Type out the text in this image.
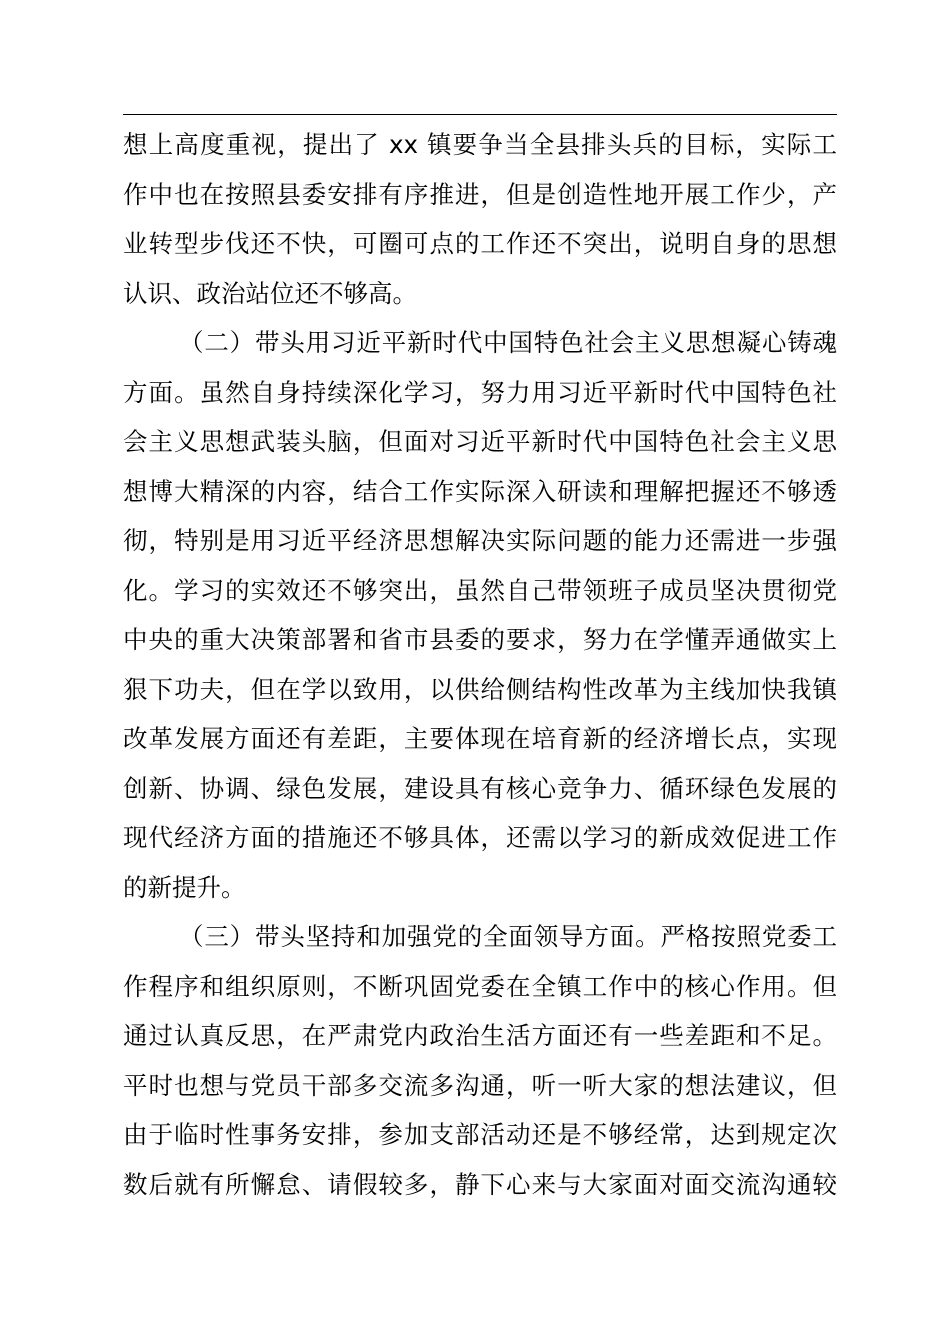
想上高度重视，提出了 xx 镇要争当全县排头兵的目标，实际工
作中也在按照县委安排有序推进，但是创造性地开展工作少，产
业转型步伐还不快，可圈可点的工作还不突出，说明自身的思想
认识、政治站位还不够高。
（二）带头用习近平新时代中国特色社会主义思想凝心铸魂
方面。虽然自身持续深化学习，努力用习近平新时代中国特色社
会主义思想武装头脑，但面对习近平新时代中国特色社会主义思
想博大精深的内容，结合工作实际深入研读和理解把握还不够透
彻，特别是用习近平经济思想解决实际问题的能力还需进一步强
化。学习的实效还不够突出，虽然自己带领班子成员坚决贯彻党
中央的重大决策部署和省市县委的要求，努力在学懂弄通做实上
狠下功夫，但在学以致用，以供给侧结构性改革为主线加快我镇
改革发展方面还有差距，主要体现在培育新的经济增长点，实现
创新、协调、绿色发展，建设具有核心竞争力、循环绿色发展的
现代经济方面的措施还不够具体，还需以学习的新成效促进工作
的新提升。
（三）带头坚持和加强党的全面领导方面。严格按照党委工
作程序和组织原则，不断巩固党委在全镇工作中的核心作用。但
通过认真反思，在严肃党内政治生活方面还有一些差距和不足。
平时也想与党员干部多交流多沟通，听一听大家的想法建议，但
由于临时性事务安排，参加支部活动还是不够经常，达到规定次
数后就有所懈怠、请假较多，静下心来与大家面对面交流沟通较
